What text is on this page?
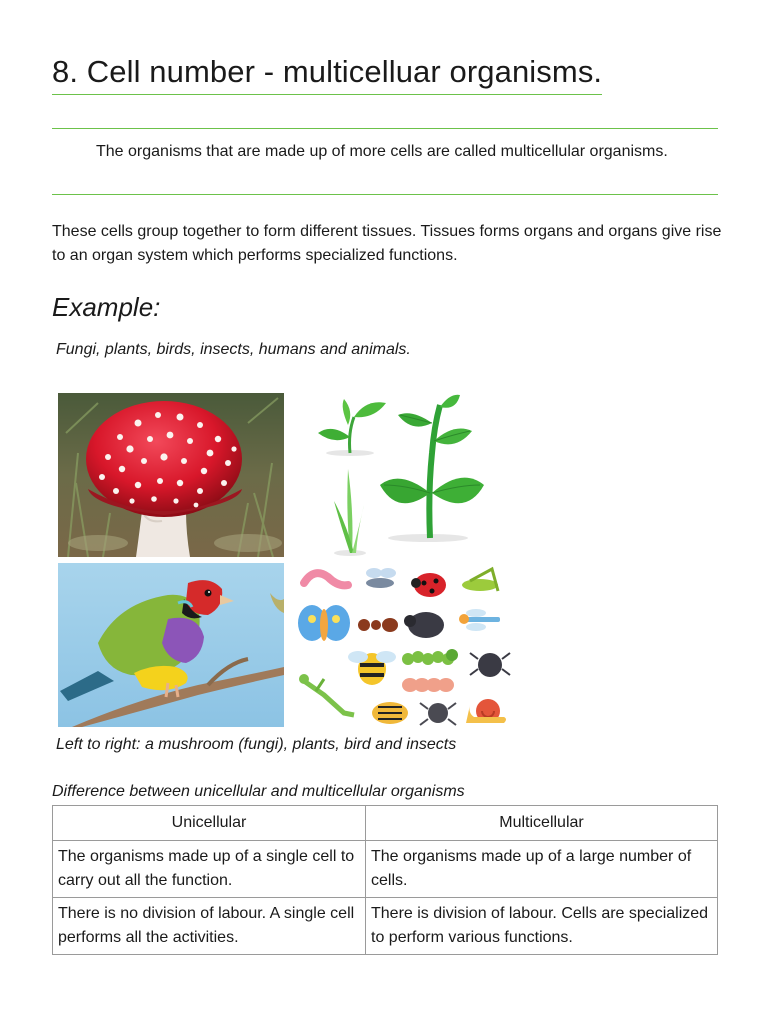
8. Cell number - multicelluar organisms.
The organisms that are made up of more cells are called multicellular organisms.
These cells group together to form different tissues. Tissues forms organs and organs give rise to an organ system which performs specialized functions.
Example:
Fungi, plants, birds, insects, humans and animals.
Left to right: a mushroom (fungi), plants, bird and insects
Difference between unicellular and multicellular organisms
Unicellular	Multicellular
The organisms made up of a single cell to carry out all the function.	The organisms made up of a large number of cells.
There is no division of labour. A single cell performs all the activities.	There is division of labour. Cells are specialized to perform various functions.
